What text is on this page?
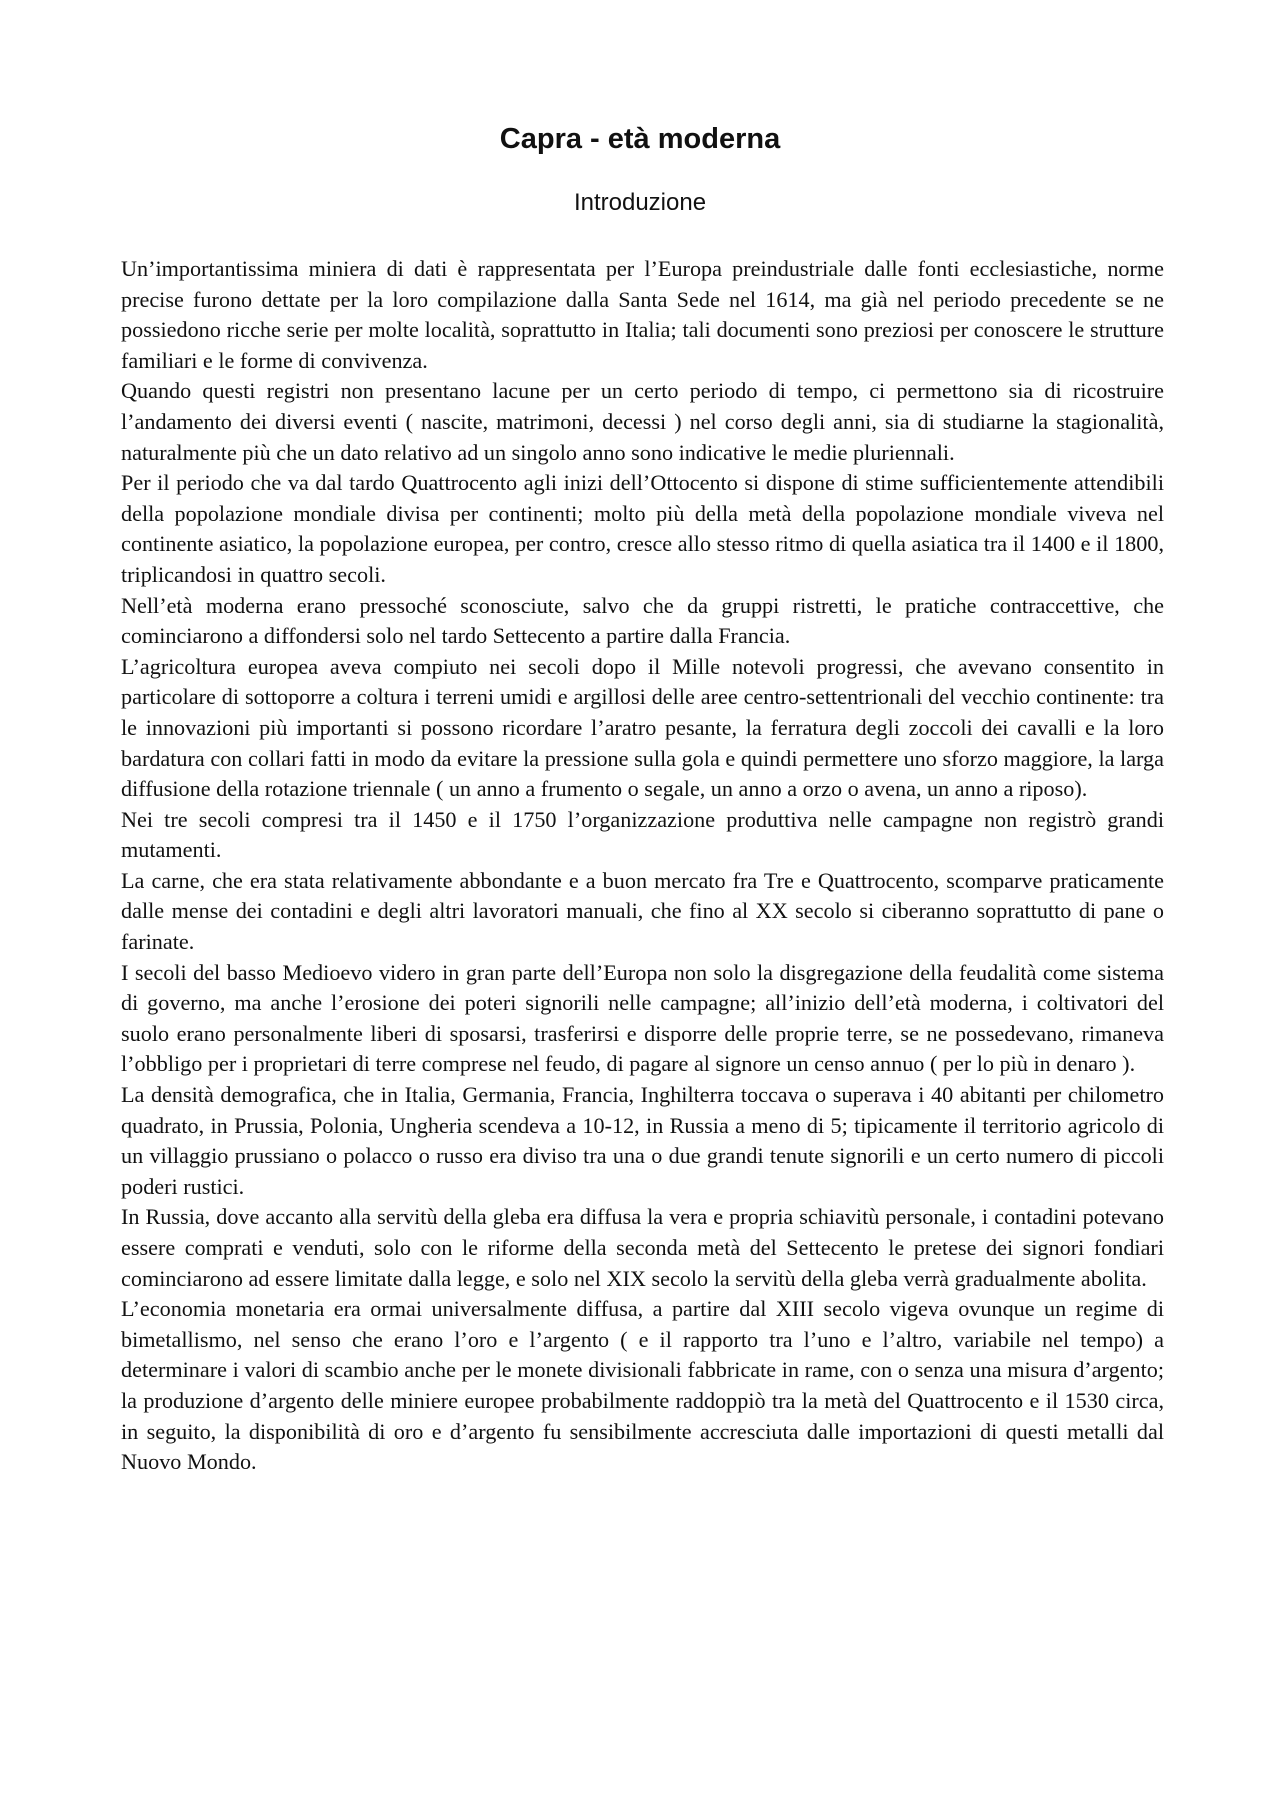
Capra - età moderna
Introduzione

Un’importantissima miniera di dati è rappresentata per l’Europa preindustriale dalle fonti ecclesiastiche, norme precise furono dettate per la loro compilazione dalla Santa Sede nel 1614, ma già nel periodo precedente se ne possiedono ricche serie per molte località, soprattutto in Italia; tali documenti sono preziosi per conoscere le strutture familiari e le forme di convivenza.

Quando questi registri non presentano lacune per un certo periodo di tempo, ci permettono sia di ricostruire l’andamento dei diversi eventi ( nascite, matrimoni, decessi ) nel corso degli anni, sia di studiarne la stagionalità, naturalmente più che un dato relativo ad un singolo anno sono indicative le medie pluriennali.

Per il periodo che va dal tardo Quattrocento agli inizi dell’Ottocento si dispone di stime sufficientemente attendibili della popolazione mondiale divisa per continenti; molto più della metà della popolazione mondiale viveva nel continente asiatico, la popolazione europea, per contro, cresce allo stesso ritmo di quella asiatica tra il 1400 e il 1800, triplicandosi in quattro secoli.

Nell’età moderna erano pressoché sconosciute, salvo che da gruppi ristretti, le pratiche contraccettive, che cominciarono a diffondersi solo nel tardo Settecento a partire dalla Francia.

L’agricoltura europea aveva compiuto nei secoli dopo il Mille notevoli progressi, che avevano consentito in particolare di sottoporre a coltura i terreni umidi e argillosi delle aree centro-settentrionali del vecchio continente: tra le innovazioni più importanti si possono ricordare l’aratro pesante, la ferratura degli zoccoli dei cavalli e la loro bardatura con collari fatti in modo da evitare la pressione sulla gola e quindi permettere uno sforzo maggiore, la larga diffusione della rotazione triennale ( un anno a frumento o segale, un anno a orzo o avena, un anno a riposo).

Nei tre secoli compresi tra il 1450 e il 1750 l’organizzazione produttiva nelle campagne non registrò grandi mutamenti.

La carne, che era stata relativamente abbondante e a buon mercato fra Tre e Quattrocento, scomparve praticamente dalle mense dei contadini e degli altri lavoratori manuali, che fino al XX secolo si ciberanno soprattutto di pane o farinate.

I secoli del basso Medioevo videro in gran parte dell’Europa non solo la disgregazione della feudalità come sistema di governo, ma anche l’erosione dei poteri signorili nelle campagne; all’inizio dell’età moderna, i coltivatori del suolo erano personalmente liberi di sposarsi, trasferirsi e disporre delle proprie terre, se ne possedevano, rimaneva l’obbligo per i proprietari di terre comprese nel feudo, di pagare al signore un censo annuo ( per lo più in denaro ).

La densità demografica, che in Italia, Germania, Francia, Inghilterra toccava o superava i 40 abitanti per chilometro quadrato, in Prussia, Polonia, Ungheria scendeva a 10-12, in Russia a meno di 5; tipicamente il territorio agricolo di un villaggio prussiano o polacco o russo era diviso tra una o due grandi tenute signorili e un certo numero di piccoli poderi rustici.

In Russia, dove accanto alla servitù della gleba era diffusa la vera e propria schiavitù personale, i contadini potevano essere comprati e venduti, solo con le riforme della seconda metà del Settecento le pretese dei signori fondiari cominciarono ad essere limitate dalla legge, e solo nel XIX secolo la servitù della gleba verrà gradualmente abolita.

L’economia monetaria era ormai universalmente diffusa, a partire dal XIII secolo vigeva ovunque un regime di bimetallismo, nel senso che erano l’oro e l’argento ( e il rapporto tra l’uno e l’altro, variabile nel tempo) a determinare i valori di scambio anche per le monete divisionali fabbricate in rame, con o senza una misura d’argento; la produzione d’argento delle miniere europee probabilmente raddoppiò tra la metà del Quattrocento e il 1530 circa, in seguito, la disponibilità di oro e d’argento fu sensibilmente accresciuta dalle importazioni di questi metalli dal Nuovo Mondo.
